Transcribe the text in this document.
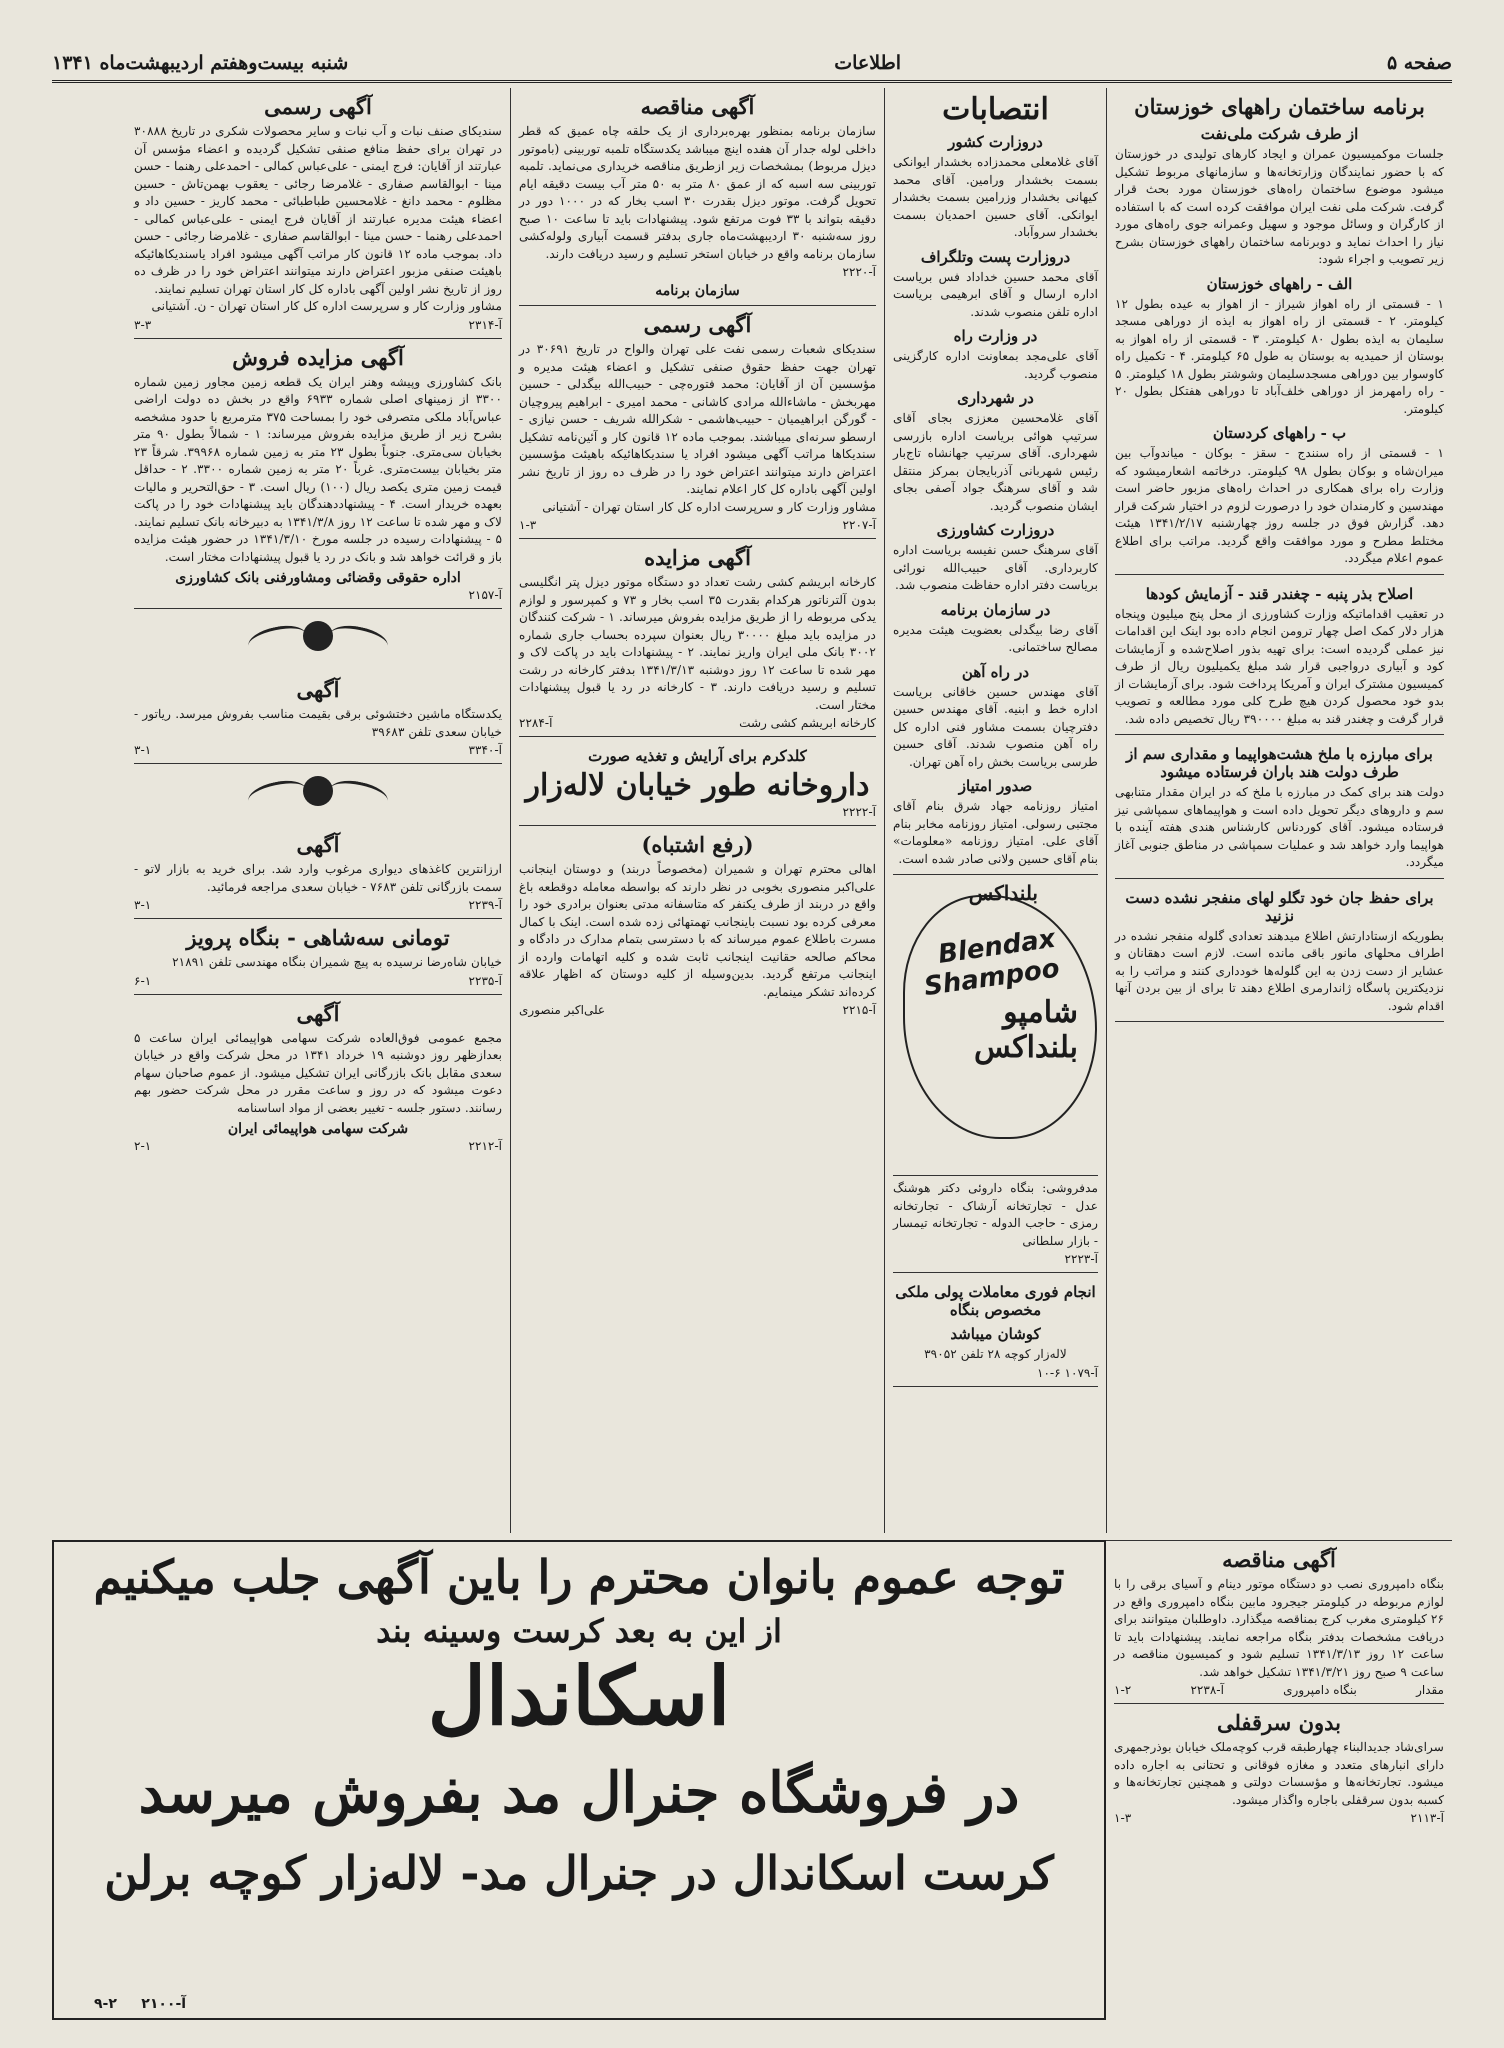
صفحه ۵
اطلاعات
شنبه بیست‌وهفتم اردیبهشت‌ماه ۱۳۴۱
برنامه ساختمان راههای خوزستان
از طرف شرکت ملی‌نفت

جلسات موکمیسیون عمران و ایجاد کارهای تولیدی در خوزستان که با حضور نمایندگان وزارتخانه‌ها و سازمانهای مربوط تشکیل میشود موضوع ساختمان راه‌های خوزستان مورد بحث قرار گرفت. شرکت ملی نفت ایران موافقت کرده است که با استفاده از کارگران و وسائل موجود و سهیل وعمرانه جوی راه‌های مورد نیاز را احداث نماید و دوبرنامه ساختمان راههای خوزستان بشرح زیر تصویب و اجراء شود:

الف - راههای خوزستان

۱ - قسمتی از راه اهواز شیراز - از اهواز به عیده بطول ۱۲ کیلومتر. ۲ - قسمتی از راه اهواز به ایذه از دوراهی مسجد سلیمان به ایذه بطول ۸۰ کیلومتر. ۳ - قسمتی از راه اهواز به بوستان از حمیدیه به بوستان به طول ۶۵ کیلومتر. ۴ - تکمیل راه کاوسوار بین دوراهی مسجدسلیمان وشوشتر بطول ۱۸ کیلومتر. ۵ - راه رامهرمز از دوراهی خلف‌آباد تا دوراهی هفتکل بطول ۲۰ کیلومتر.

ب - راههای کردستان

۱ - قسمتی از راه سنندج - سقز - بوکان - میاندوآب بین میران‌شاه و بوکان بطول ۹۸ کیلومتر. درخاتمه اشعارمیشود که وزارت راه برای همکاری در احداث راه‌های مزبور حاضر است مهندسین و کارمندان خود را درصورت لزوم در اختیار شرکت قرار دهد. گزارش فوق در جلسه روز چهارشنبه ۱۳۴۱/۲/۱۷ هیئت مختلط مطرح و مورد موافقت واقع گردید. مراتب برای اطلاع عموم اعلام میگردد.

اصلاح بذر پنبه - چغندر قند - آزمایش کودها

در تعقیب اقداماتیکه وزارت کشاورزی از محل پنج میلیون وپنجاه هزار دلار کمک اصل چهار ترومن انجام داده بود اینک این اقدامات نیز عملی گردیده است: برای تهیه بذور اصلاح‌شده و آزمایشات کود و آبیاری درواجبی قرار شد مبلغ یکمیلیون ریال از طرف کمیسیون مشترک ایران و آمریکا پرداخت شود. برای آزمایشات از بدو خود محصول کردن هیچ طرح کلی مورد مطالعه و تصویب قرار گرفت و چغندر قند به مبلغ ۳۹۰۰۰۰ ریال تخصیص داده شد.

برای مبارزه با ملخ هشت‌هواپیما و مقداری سم از طرف دولت هند باران فرستاده میشود

دولت هند برای کمک در مبارزه با ملخ که در ایران مقدار متنابهی سم و داروهای دیگر تحویل داده است و هواپیماهای سمپاشی نیز فرستاده میشود. آقای کوردناس کارشناس هندی هفته آینده با هواپیما وارد خواهد شد و عملیات سمپاشی در مناطق جنوبی آغاز میگردد.

برای حفظ جان خود تگلو لهای منفجر نشده دست نزنید

بطوریکه ازستادارتش اطلاع میدهند تعدادی گلوله منفجر نشده در اطراف محلهای مانور باقی مانده است. لازم است دهقانان و عشایر از دست زدن به این گلوله‌ها خودداری کنند و مراتب را به نزدیکترین پاسگاه ژاندارمری اطلاع دهند تا برای از بین بردن آنها اقدام شود.

آگهی مناقصه

بنگاه دامپروری نصب دو دستگاه موتور دینام و آسیای برقی را با لوازم مربوطه در کیلومتر جیجرود مابین بنگاه دامپروری واقع در ۲۶ کیلومتری مغرب کرج بمناقصه میگذارد. داوطلبان میتوانند برای دریافت مشخصات بدفتر بنگاه مراجعه نمایند. پیشنهادات باید تا ساعت ۱۲ روز ۱۳۴۱/۳/۱۳ تسلیم شود و کمیسیون مناقصه در ساعت ۹ صبح روز ۱۳۴۱/۳/۲۱ تشکیل خواهد شد.

مقدار
بنگاه دامپروری
آ-۲۲۳۸
۱-۲
بدون سرقفلی

سرای‌شاد جدیدالبناء چهارطبقه قرب کوچه‌ملک خیابان بوذرجمهری دارای انبارهای متعدد و مغازه فوقانی و تحتانی به اجاره داده میشود. تجارتخانه‌ها و مؤسسات دولتی و همچنین تجارتخانه‌ها و کسبه بدون سرقفلی باجاره واگذار میشود.

آ-۲۱۱۳
۱-۳
انتصابات
دروزارت کشور

آقای غلامعلی محمدزاده بخشدار ایوانکی بسمت بخشدار ورامین. آقای محمد کیهانی بخشدار وزرامین بسمت بخشدار ایوانکی. آقای حسین احمدیان بسمت بخشدار سروآباد.

دروزارت پست وتلگراف

آقای محمد حسین خداداد فس بریاست اداره ارسال و آقای ابرهیمی بریاست اداره تلفن منصوب شدند.

در وزارت راه

آقای علی‌مجد بمعاونت اداره کارگزینی منصوب گردید.

در شهرداری

آقای غلامحسین معززی بجای آقای سرتیپ هوائی بریاست اداره بازرسی شهرداری. آقای سرتیپ جهانشاه تاج‌بار رئیس شهربانی آذربایجان بمرکز منتقل شد و آقای سرهنگ جواد آصفی بجای ایشان منصوب گردید.

دروزارت کشاورزی

آقای سرهنگ حسن نفیسه بریاست اداره کاربرداری. آقای حبیب‌الله نورائی بریاست دفتر اداره حفاظت منصوب شد.

در سازمان برنامه

آقای رضا بیگدلی بعضویت هیئت مدیره مصالح ساختمانی.

در راه آهن

آقای مهندس حسین خاقانی بریاست اداره خط و ابنیه. آقای مهندس حسین دفترچیان بسمت مشاور فنی اداره کل راه آهن منصوب شدند. آقای حسین طرسی بریاست بخش راه آهن تهران.

صدور امتیاز

امتیاز روزنامه جهاد شرق بنام آقای مجتبی رسولی. امتیاز روزنامه مخابر بنام آقای علی. امتیاز روزنامه «معلومات» بنام آقای حسین ولانی صادر شده است.

بلنداکس
Blendax Shampoo
شامپو بلنداکس

مدفروشی: بنگاه داروئی دکتر هوشنگ عدل - تجارتخانه آرشاک - تجارتخانه رمزی - حاجب الدوله - تجارتخانه تیمسار - بازار سلطانی

آ-۲۲۲۳
انجام فوری معاملات پولی ملکی مخصوص بنگاه
کوشان میباشد

لاله‌زار کوچه ۲۸ تلفن ۳۹۰۵۲

آ-۱۰۷۹ ۶-۱۰
آگهی مناقصه

سازمان برنامه بمنظور بهره‌برداری از یک حلقه چاه عمیق که قطر داخلی لوله جدار آن هفده اینچ میباشد یکدستگاه تلمبه توربینی (باموتور دیزل مربوط) بمشخصات زیر ازطریق مناقصه خریداری می‌نماید. تلمبه توربینی سه اسبه که از عمق ۸۰ متر به ۵۰ متر آب بیست دقیقه ایام تحویل گرفت. موتور دیزل بقدرت ۳۰ اسب بخار که در ۱۰۰۰ دور در دقیقه بتواند با ۳۳ فوت مرتفع شود. پیشنهادات باید تا ساعت ۱۰ صبح روز سه‌شنبه ۳۰ اردیبهشت‌ماه جاری بدفتر قسمت آبیاری ولوله‌کشی سازمان برنامه واقع در خیابان استخر تسلیم و رسید دریافت دارند.

آ-۲۲۲۰
سازمان برنامه
آگهی رسمی

سندیکای شعبات رسمی نفت علی تهران والواح در تاریخ ۳۰۶۹۱ در تهران جهت حفظ حقوق صنفی تشکیل و اعضاء هیئت مدیره و مؤسسین آن از آقایان: محمد فتوره‌چی - حبیب‌الله بیگدلی - حسین مهربخش - ماشاءالله مرادی کاشانی - محمد امیری - ابراهیم پیروچیان - گورگن ابراهیمیان - حبیب‌هاشمی - شکرالله شریف - حسن نیازی - ارسطو سرنه‌ای میباشند. بموجب ماده ۱۲ قانون کار و آئین‌نامه تشکیل سندیکاها مراتب آگهی میشود افراد یا سندیکاهائیکه باهیئت مؤسسین اعتراض دارند میتوانند اعتراض خود را در ظرف ده روز از تاریخ نشر اولین آگهی باداره کل کار اعلام نمایند.

مشاور وزارت کار و سرپرست اداره کل کار استان تهران - آشتیانی

آ-۲۲۰۷
۱-۳
آگهی مزایده

کارخانه ابریشم کشی رشت تعداد دو دستگاه موتور دیزل پتر انگلیسی بدون آلترناتور هرکدام بقدرت ۳۵ اسب بخار و ۷۳ و کمپرسور و لوازم یدکی مربوطه را از طریق مزایده بفروش میرساند. ۱ - شرکت کنندگان در مزایده باید مبلغ ۳۰۰۰۰ ریال بعنوان سپرده بحساب جاری شماره ۳۰۰۲ بانک ملی ایران واریز نمایند. ۲ - پیشنهادات باید در پاکت لاک و مهر شده تا ساعت ۱۲ روز دوشنبه ۱۳۴۱/۳/۱۳ بدفتر کارخانه در رشت تسلیم و رسید دریافت دارند. ۳ - کارخانه در رد یا قبول پیشنهادات مختار است.

کارخانه ابریشم کشی رشت
آ-۲۲۸۴
کلدکرم برای آرایش و تغذیه صورت
داروخانه طور خیابان لاله‌زار
آ-۲۲۲۲
(رفع اشتباه)

اهالی محترم تهران و شمیران (مخصوصاً دربند) و دوستان اینجانب علی‌اکبر منصوری بخوبی در نظر دارند که بواسطه معامله دوقطعه باغ واقع در دربند از طرف یکنفر که متاسفانه مدتی بعنوان برادری خود را معرفی کرده بود نسبت باینجانب تهمتهائی زده شده است. اینک با کمال مسرت باطلاع عموم میرساند که با دسترسی بتمام مدارک در دادگاه و محاکم صالحه حقانیت اینجانب ثابت شده و کلیه اتهامات وارده از اینجانب مرتفع گردید. بدین‌وسیله از کلیه دوستان که اظهار علاقه کرده‌اند تشکر مینمایم.

آ-۲۲۱۵
علی‌اکبر منصوری
آگهی رسمی

سندیکای صنف نبات و آب نبات و سایر محصولات شکری در تاریخ ۳۰۸۸۸ در تهران برای حفظ منافع صنفی تشکیل گردیده و اعضاء مؤسس آن عبارتند از آقایان: فرج ایمنی - علی‌عباس کمالی - احمدعلی رهنما - حسن مینا - ابوالقاسم صفاری - غلامرضا رجائی - یعقوب بهمن‌تاش - حسین مظلوم - محمد دانغ - غلامحسین طباطبائی - محمد کاریز - حسین داد و اعضاء هیئت مدیره عبارتند از آقایان فرج ایمنی - علی‌عباس کمالی - احمدعلی رهنما - حسن مینا - ابوالقاسم صفاری - غلامرضا رجائی - حسن داد. بموجب ماده ۱۲ قانون کار مراتب آگهی میشود افراد یاسندیکاهائیکه باهیئت صنفی مزبور اعتراض دارند میتوانند اعتراض خود را در ظرف ده روز از تاریخ نشر اولین آگهی باداره کل کار استان تهران تسلیم نمایند.

مشاور وزارت کار و سرپرست اداره کل کار استان تهران - ن. آشتیانی

آ-۲۳۱۴
۳-۳
آگهی مزایده فروش

بانک کشاورزی وپیشه وهنر ایران یک قطعه زمین مجاور زمین شماره ۳۳۰۰ از زمینهای اصلی شماره ۶۹۳۳ واقع در بخش ده دولت اراضی عباس‌آباد ملکی متصرفی خود را بمساحت ۳۷۵ مترمربع با حدود مشخصه بشرح زیر از طریق مزایده بفروش میرساند: ۱ - شمالاً بطول ۹۰ متر بخیابان سی‌متری. جنوباً بطول ۲۳ متر به زمین شماره ۳۹۹۶۸. شرقاً ۲۳ متر بخیابان بیست‌متری. غرباً ۲۰ متر به زمین شماره ۳۳۰۰. ۲ - حداقل قیمت زمین متری یکصد ریال (۱۰۰) ریال است. ۳ - حق‌التحریر و مالیات بعهده خریدار است. ۴ - پیشنهاددهندگان باید پیشنهادات خود را در پاکت لاک و مهر شده تا ساعت ۱۲ روز ۱۳۴۱/۳/۸ به دبیرخانه بانک تسلیم نمایند. ۵ - پیشنهادات رسیده در جلسه مورخ ۱۳۴۱/۳/۱۰ در حضور هیئت مزایده باز و قرائت خواهد شد و بانک در رد یا قبول پیشنهادات مختار است.

اداره حقوقی وقضائی ومشاورفنی بانک کشاورزی
آ-۲۱۵۷
آگهی

یکدستگاه ماشین دختشوئی برقی بقیمت مناسب بفروش میرسد. ریاتور - خیابان سعدی تلفن ۳۹۶۸۳

آ-۳۳۴۰
۳-۱
آگهی

ارزانترین کاغذهای دیواری مرغوب وارد شد. برای خرید به بازار لاتو - سمت بازرگانی تلفن ۷۶۸۳ - خیابان سعدی مراجعه فرمائید.

آ-۲۲۳۹
۳-۱
تومانی سه‌شاهی - بنگاه پرویز

خیابان شاه‌رضا نرسیده به پیچ شمیران بنگاه مهندسی تلفن ۲۱۸۹۱

آ-۲۲۳۵
۶-۱
آگهی

مجمع عمومی فوق‌العاده شرکت سهامی هواپیمائی ایران ساعت ۵ بعدازظهر روز دوشنبه ۱۹ خرداد ۱۳۴۱ در محل شرکت واقع در خیابان سعدی مقابل بانک بازرگانی ایران تشکیل میشود. از عموم صاحبان سهام دعوت میشود که در روز و ساعت مقرر در محل شرکت حضور بهم رسانند. دستور جلسه - تغییر بعضی از مواد اساسنامه

شرکت سهامی هواپیمائی ایران
آ-۲۲۱۲
۲-۱
توجه عموم بانوان محترم را باین آگهی جلب میکنیم
از این به بعد کرست وسینه بند
اسکاندال
در فروشگاه جنرال مد بفروش میرسد
کرست اسکاندال در جنرال مد- لاله‌زار کوچه برلن
آ-۲۱۰۰     ۲-۹
